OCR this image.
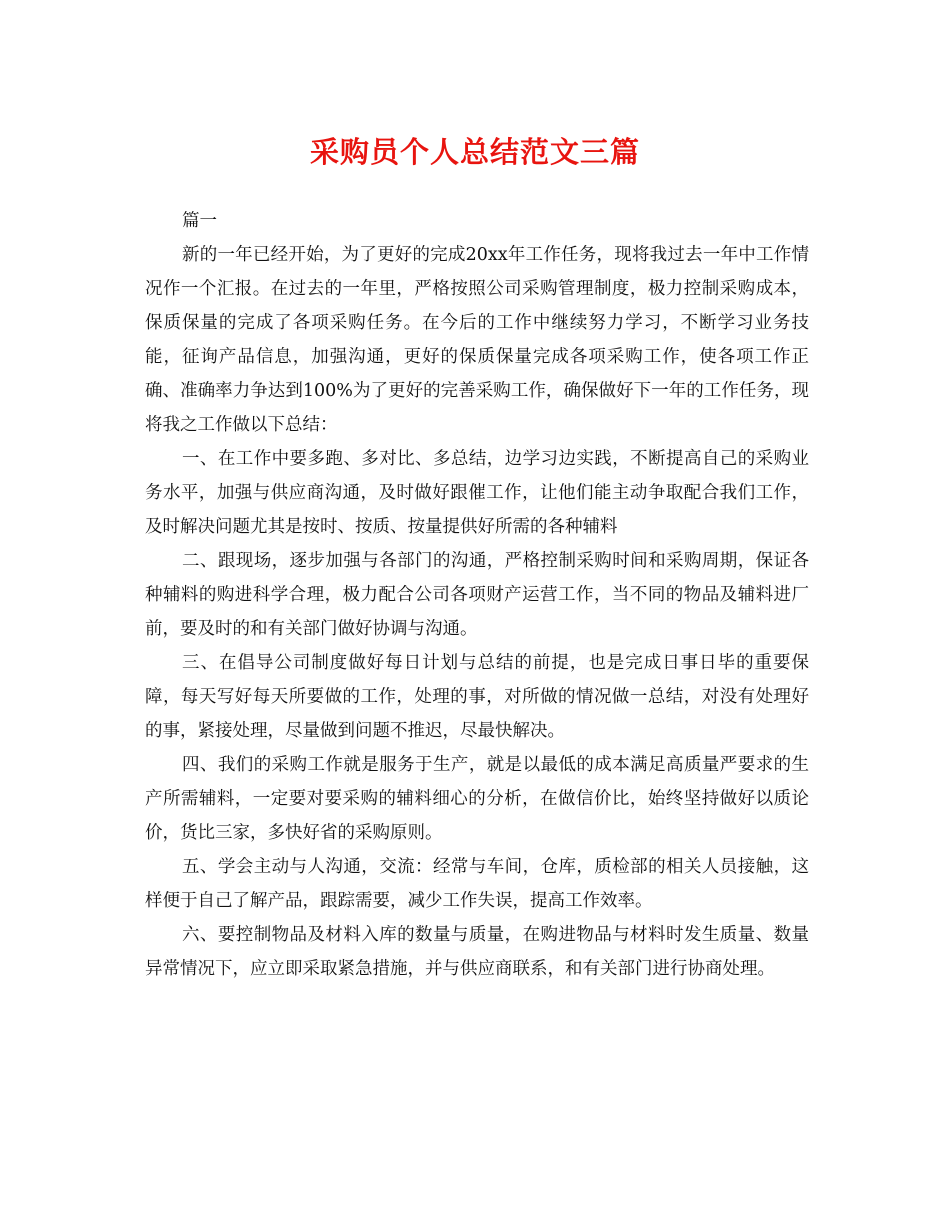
采购员个人总结范文三篇

篇一

新的一年已经开始，为了更好的完成20xx年工作任务，现将我过去一年中工作情况作一个汇报。在过去的一年里，严格按照公司采购管理制度，极力控制采购成本，保质保量的完成了各项采购任务。在今后的工作中继续努力学习，不断学习业务技能，征询产品信息，加强沟通，更好的保质保量完成各项采购工作，使各项工作正确、准确率力争达到100%为了更好的完善采购工作，确保做好下一年的工作任务，现将我之工作做以下总结：

一、在工作中要多跑、多对比、多总结，边学习边实践，不断提高自己的采购业务水平，加强与供应商沟通，及时做好跟催工作，让他们能主动争取配合我们工作，及时解决问题尤其是按时、按质、按量提供好所需的各种辅料

二、跟现场，逐步加强与各部门的沟通，严格控制采购时间和采购周期，保证各种辅料的购进科学合理，极力配合公司各项财产运营工作，当不同的物品及辅料进厂前，要及时的和有关部门做好协调与沟通。

三、在倡导公司制度做好每日计划与总结的前提，也是完成日事日毕的重要保障，每天写好每天所要做的工作，处理的事，对所做的情况做一总结，对没有处理好的事，紧接处理，尽量做到问题不推迟，尽最快解决。

四、我们的采购工作就是服务于生产，就是以最低的成本满足高质量严要求的生产所需辅料，一定要对要采购的辅料细心的分析，在做信价比，始终坚持做好以质论价，货比三家，多快好省的采购原则。

五、学会主动与人沟通，交流：经常与车间，仓库，质检部的相关人员接触，这样便于自己了解产品，跟踪需要，减少工作失误，提高工作效率。

六、要控制物品及材料入库的数量与质量，在购进物品与材料时发生质量、数量异常情况下，应立即采取紧急措施，并与供应商联系，和有关部门进行协商处理。
